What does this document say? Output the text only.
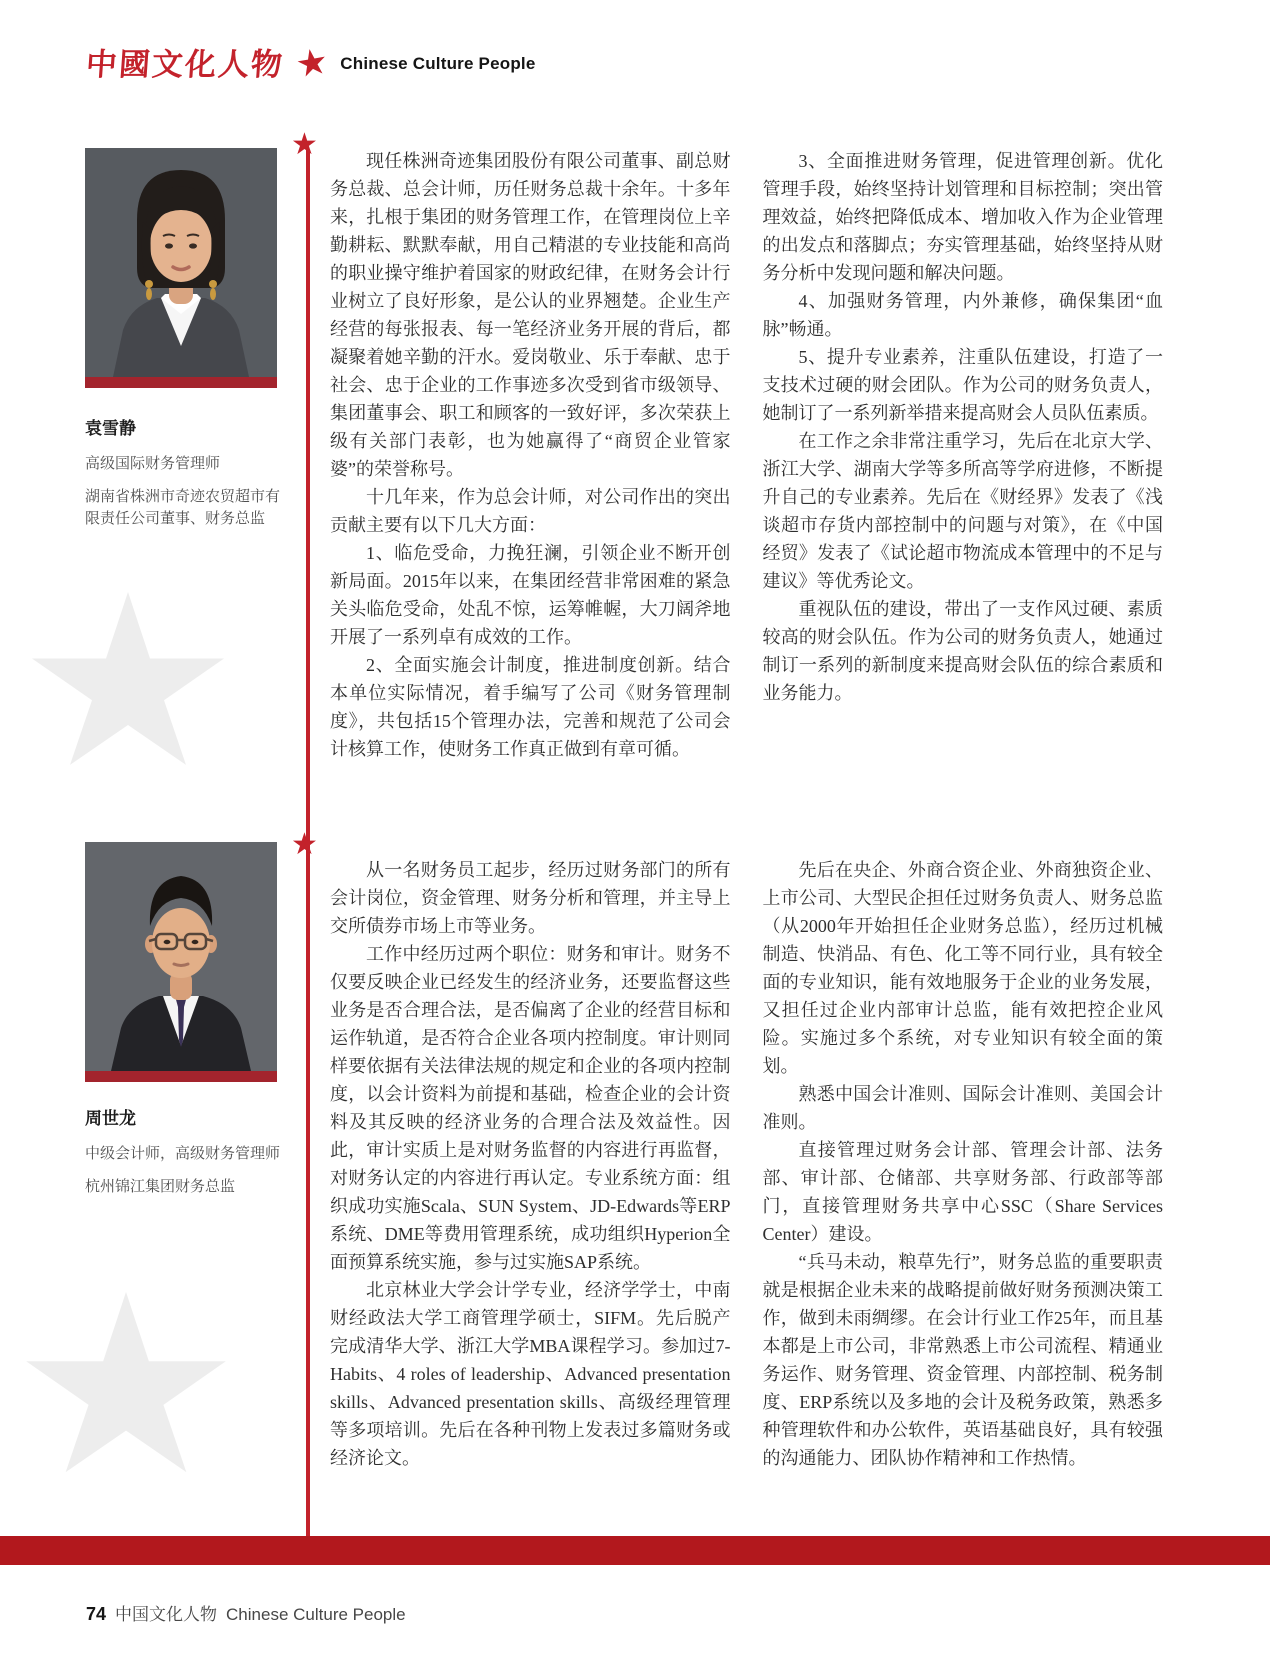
中國文化人物 ★ Chinese Culture People
★
★

袁雪静

高级国际财务管理师

湖南省株洲市奇迹农贸超市有限责任公司董事、财务总监

现任株洲奇迹集团股份有限公司董事、副总财务总裁、总会计师，历任财务总裁十余年。十多年来，扎根于集团的财务管理工作，在管理岗位上辛勤耕耘、默默奉献，用自己精湛的专业技能和高尚的职业操守维护着国家的财政纪律，在财务会计行业树立了良好形象，是公认的业界翘楚。企业生产经营的每张报表、每一笔经济业务开展的背后，都凝聚着她辛勤的汗水。爱岗敬业、乐于奉献、忠于社会、忠于企业的工作事迹多次受到省市级领导、集团董事会、职工和顾客的一致好评，多次荣获上级有关部门表彰，也为她赢得了“商贸企业管家婆”的荣誉称号。

十几年来，作为总会计师，对公司作出的突出贡献主要有以下几大方面：

1、临危受命，力挽狂澜，引领企业不断开创新局面。2015年以来，在集团经营非常困难的紧急关头临危受命，处乱不惊，运筹帷幄，大刀阔斧地开展了一系列卓有成效的工作。

2、全面实施会计制度，推进制度创新。结合本单位实际情况，着手编写了公司《财务管理制度》，共包括15个管理办法，完善和规范了公司会计核算工作，使财务工作真正做到有章可循。

3、全面推进财务管理，促进管理创新。优化管理手段，始终坚持计划管理和目标控制；突出管理效益，始终把降低成本、增加收入作为企业管理的出发点和落脚点；夯实管理基础，始终坚持从财务分析中发现问题和解决问题。

4、加强财务管理，内外兼修，确保集团“血脉”畅通。

5、提升专业素养，注重队伍建设，打造了一支技术过硬的财会团队。作为公司的财务负责人，她制订了一系列新举措来提高财会人员队伍素质。

在工作之余非常注重学习，先后在北京大学、浙江大学、湖南大学等多所高等学府进修，不断提升自己的专业素养。先后在《财经界》发表了《浅谈超市存货内部控制中的问题与对策》，在《中国经贸》发表了《试论超市物流成本管理中的不足与建议》等优秀论文。

重视队伍的建设，带出了一支作风过硬、素质较高的财会队伍。作为公司的财务负责人，她通过制订一系列的新制度来提高财会队伍的综合素质和业务能力。

周世龙

中级会计师，高级财务管理师

杭州锦江集团财务总监

从一名财务员工起步，经历过财务部门的所有会计岗位，资金管理、财务分析和管理，并主导上交所债券市场上市等业务。

工作中经历过两个职位：财务和审计。财务不仅要反映企业已经发生的经济业务，还要监督这些业务是否合理合法，是否偏离了企业的经营目标和运作轨道，是否符合企业各项内控制度。审计则同样要依据有关法律法规的规定和企业的各项内控制度，以会计资料为前提和基础，检查企业的会计资料及其反映的经济业务的合理合法及效益性。因此，审计实质上是对财务监督的内容进行再监督，对财务认定的内容进行再认定。专业系统方面：组织成功实施Scala、SUN System、JD-Edwards等ERP系统、DME等费用管理系统，成功组织Hyperion全面预算系统实施，参与过实施SAP系统。

北京林业大学会计学专业，经济学学士，中南财经政法大学工商管理学硕士，SIFM。先后脱产完成清华大学、浙江大学MBA课程学习。参加过7-Habits、4 roles of leadership、Advanced presentation skills、Advanced presentation skills、高级经理管理等多项培训。先后在各种刊物上发表过多篇财务或经济论文。

先后在央企、外商合资企业、外商独资企业、上市公司、大型民企担任过财务负责人、财务总监（从2000年开始担任企业财务总监），经历过机械制造、快消品、有色、化工等不同行业，具有较全面的专业知识，能有效地服务于企业的业务发展，又担任过企业内部审计总监，能有效把控企业风险。实施过多个系统，对专业知识有较全面的策划。

熟悉中国会计准则、国际会计准则、美国会计准则。

直接管理过财务会计部、管理会计部、法务部、审计部、仓储部、共享财务部、行政部等部门，直接管理财务共享中心SSC（Share Services Center）建设。

“兵马未动，粮草先行”，财务总监的重要职责就是根据企业未来的战略提前做好财务预测决策工作，做到未雨绸缪。在会计行业工作25年，而且基本都是上市公司，非常熟悉上市公司流程、精通业务运作、财务管理、资金管理、内部控制、税务制度、ERP系统以及多地的会计及税务政策，熟悉多种管理软件和办公软件，英语基础良好，具有较强的沟通能力、团队协作精神和工作热情。

74 中国文化人物 Chinese Culture People
